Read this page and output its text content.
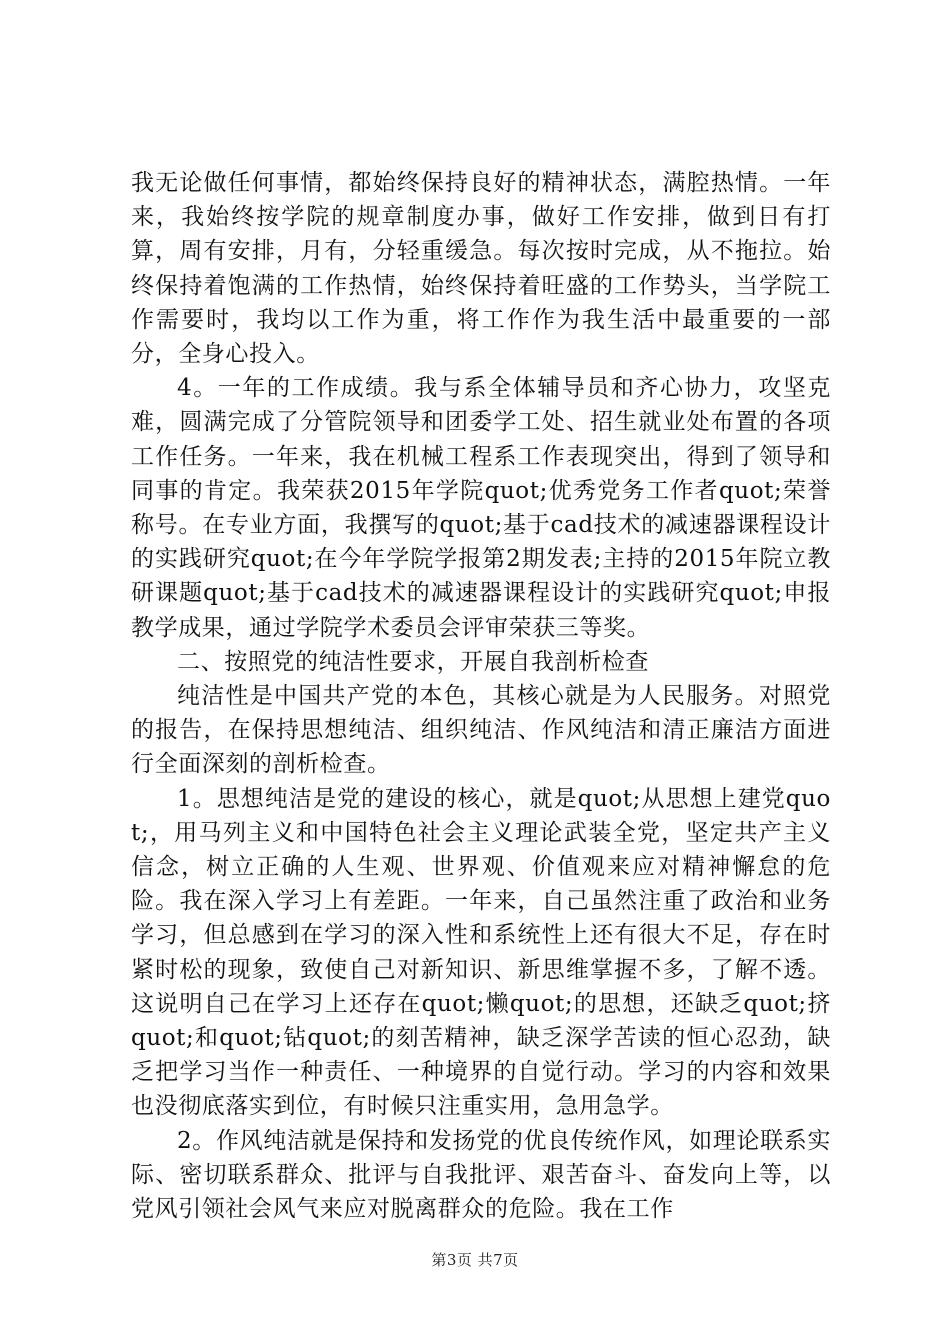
我无论做任何事情，都始终保持良好的精神状态，满腔热情。一年来，我始终按学院的规章制度办事，做好工作安排，做到日有打算，周有安排，月有，分轻重缓急。每次按时完成，从不拖拉。始终保持着饱满的工作热情，始终保持着旺盛的工作势头，当学院工作需要时，我均以工作为重，将工作作为我生活中最重要的一部分，全身心投入。

4。一年的工作成绩。我与系全体辅导员和齐心协力，攻坚克难，圆满完成了分管院领导和团委学工处、招生就业处布置的各项工作任务。一年来，我在机械工程系工作表现突出，得到了领导和同事的肯定。我荣获2015年学院quot;优秀党务工作者quot;荣誉称号。在专业方面，我撰写的quot;基于cad技术的减速器课程设计的实践研究quot;在今年学院学报第2期发表;主持的2015年院立教研课题quot;基于cad技术的减速器课程设计的实践研究quot;申报教学成果，通过学院学术委员会评审荣获三等奖。

二、按照党的纯洁性要求，开展自我剖析检查

纯洁性是中国共产党的本色，其核心就是为人民服务。对照党的报告，在保持思想纯洁、组织纯洁、作风纯洁和清正廉洁方面进行全面深刻的剖析检查。

1。思想纯洁是党的建设的核心，就是quot;从思想上建党quot;，用马列主义和中国特色社会主义理论武装全党，坚定共产主义信念，树立正确的人生观、世界观、价值观来应对精神懈怠的危险。我在深入学习上有差距。一年来，自己虽然注重了政治和业务学习，但总感到在学习的深入性和系统性上还有很大不足，存在时紧时松的现象，致使自己对新知识、新思维掌握不多，了解不透。这说明自己在学习上还存在quot;懒quot;的思想，还缺乏quot;挤quot;和quot;钻quot;的刻苦精神，缺乏深学苦读的恒心忍劲，缺乏把学习当作一种责任、一种境界的自觉行动。学习的内容和效果也没彻底落实到位，有时候只注重实用，急用急学。

2。作风纯洁就是保持和发扬党的优良传统作风，如理论联系实际、密切联系群众、批评与自我批评、艰苦奋斗、奋发向上等，以党风引领社会风气来应对脱离群众的危险。我在工作

第3页 共7页
